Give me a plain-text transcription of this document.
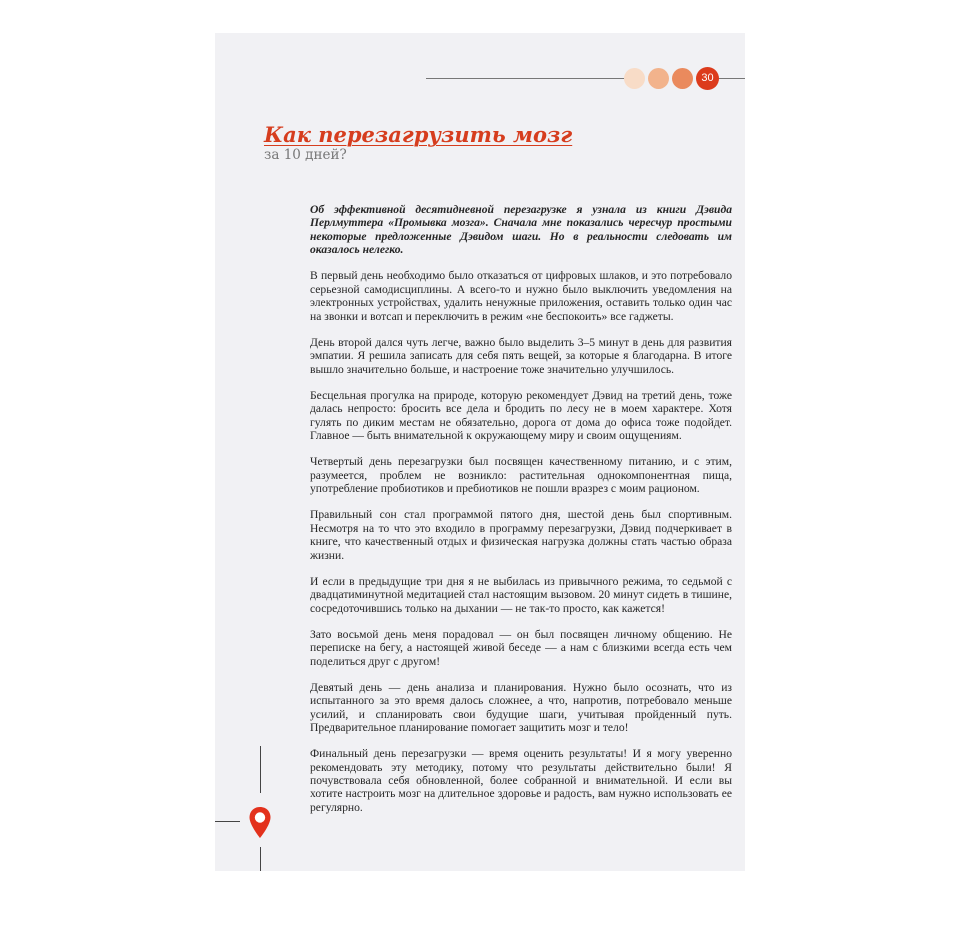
30
Как перезагрузить мозг
за 10 дней?

Об эффективной десятидневной перезагрузке я узнала из книги Дэвида Перлмуттера «Промывка мозга». Сначала мне показались чересчур простыми некоторые предложенные Дэвидом шаги. Но в реальности следовать им оказалось нелегко.

В первый день необходимо было отказаться от цифровых шлаков, и это потребовало серьезной самодисциплины. А всего-то и нужно было выключить уведомления на электронных устройствах, удалить ненужные приложения, оставить только один час на звонки и вотсап и переключить в режим «не беспокоить» все гаджеты.

День второй дался чуть легче, важно было выделить 3–5 минут в день для развития эмпатии. Я решила записать для себя пять вещей, за которые я благодарна. В итоге вышло значительно больше, и настроение тоже значительно улучшилось.

Бесцельная прогулка на природе, которую рекомендует Дэвид на третий день, тоже далась непросто: бросить все дела и бродить по лесу не в моем характере. Хотя гулять по диким местам не обязательно, дорога от дома до офиса тоже подойдет. Главное — быть внимательной к окружающему миру и своим ощущениям.

Четвертый день перезагрузки был посвящен качественному питанию, и с этим, разумеется, проблем не возникло: растительная однокомпонентная пища, употребление пробиотиков и пребиотиков не пошли вразрез с моим рационом.

Правильный сон стал программой пятого дня, шестой день был спортивным. Несмотря на то что это входило в программу перезагрузки, Дэвид подчеркивает в книге, что качественный отдых и физическая нагрузка должны стать частью образа жизни.

И если в предыдущие три дня я не выбилась из привычного режима, то седьмой с двадцатиминутной медитацией стал настоящим вызовом. 20 минут сидеть в тишине, сосредоточившись только на дыхании — не так-то просто, как кажется!

Зато восьмой день меня порадовал — он был посвящен личному общению. Не переписке на бегу, а настоящей живой беседе — а нам с близкими всегда есть чем поделиться друг с другом!

Девятый день — день анализа и планирования. Нужно было осознать, что из испытанного за это время далось сложнее, а что, напротив, потребовало меньше усилий, и спланировать свои будущие шаги, учитывая пройденный путь. Предварительное планирование помогает защитить мозг и тело!

Финальный день перезагрузки — время оценить результаты! И я могу уверенно рекомендовать эту методику, потому что результаты действительно были! Я почувствовала себя обновленной, более собранной и внимательной. И если вы хотите настроить мозг на длительное здоровье и радость, вам нужно использовать ее регулярно.
